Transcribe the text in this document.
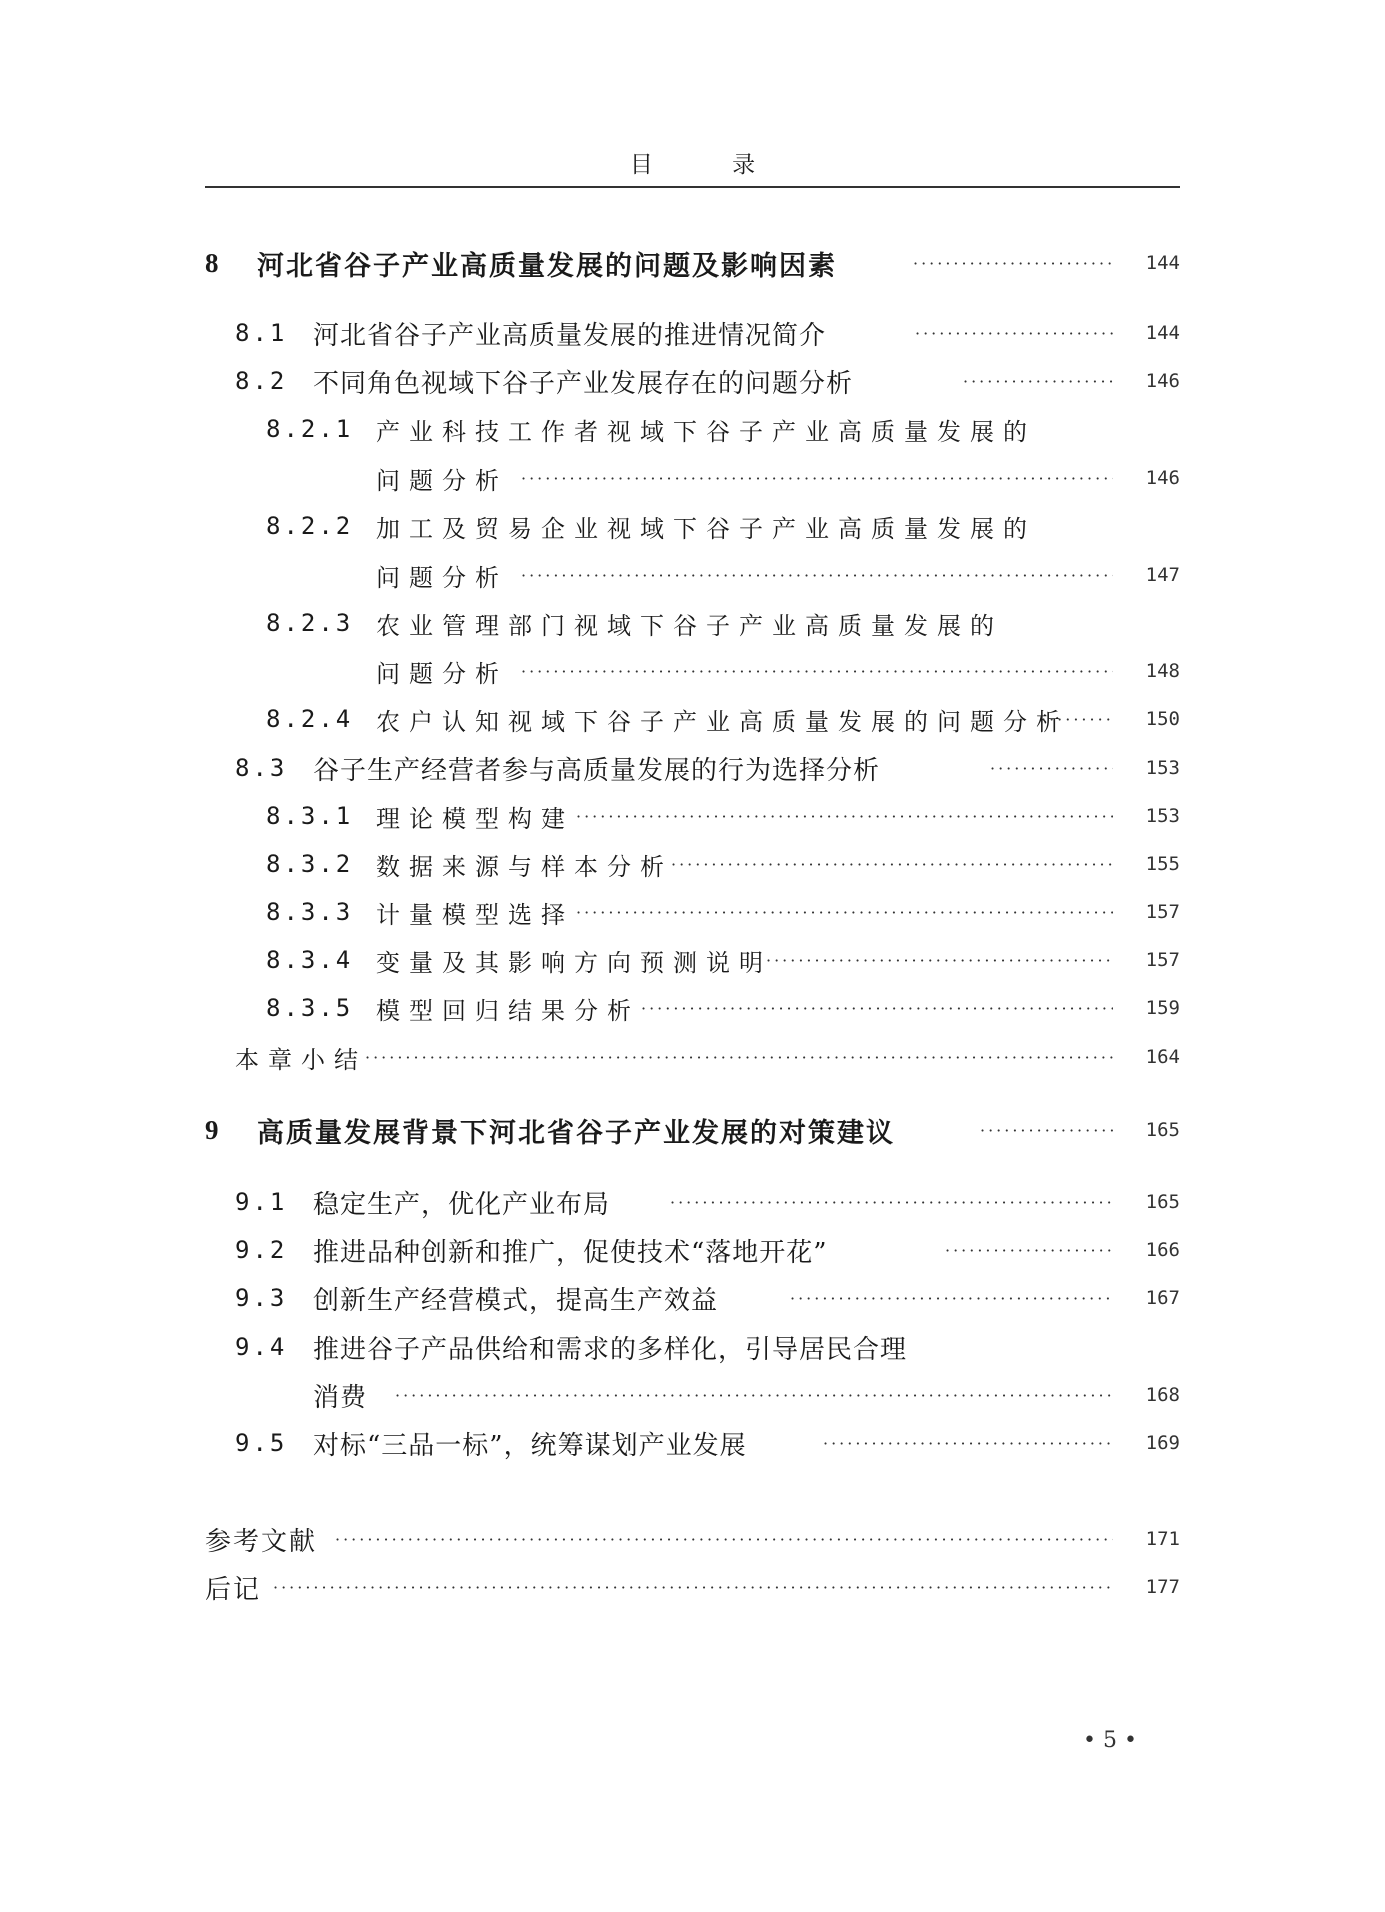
目 录
8 河北省谷子产业高质量发展的问题及影响因素 ·····	144
8.1 河北省谷子产业高质量发展的推进情况简介 ·····	144
8.2 不同角色视域下谷子产业发展存在的问题分析 ·····	146
8.2.1 产业科技工作者视域下谷子产业高质量发展的
问题分析 ·····	146
8.2.2 加工及贸易企业视域下谷子产业高质量发展的
问题分析 ·····	147
8.2.3 农业管理部门视域下谷子产业高质量发展的
问题分析 ·····	148
8.2.4 农户认知视域下谷子产业高质量发展的问题分析 ·····	150
8.3 谷子生产经营者参与高质量发展的行为选择分析 ·····	153
8.3.1 理论模型构建 ·····	153
8.3.2 数据来源与样本分析 ·····	155
8.3.3 计量模型选择 ·····	157
8.3.4 变量及其影响方向预测说明 ·····	157
8.3.5 模型回归结果分析 ·····	159
本章小结 ·····	164
9 高质量发展背景下河北省谷子产业发展的对策建议 ·····	165
9.1 稳定生产，优化产业布局 ·····	165
9.2 推进品种创新和推广，促使技术“落地开花” ·····	166
9.3 创新生产经营模式，提高生产效益 ·····	167
9.4 推进谷子产品供给和需求的多样化，引导居民合理
消费 ·····	168
9.5 对标“三品一标”，统筹谋划产业发展 ·····	169
参考文献 ·····	171
后记 ·····	177
• 5 •
